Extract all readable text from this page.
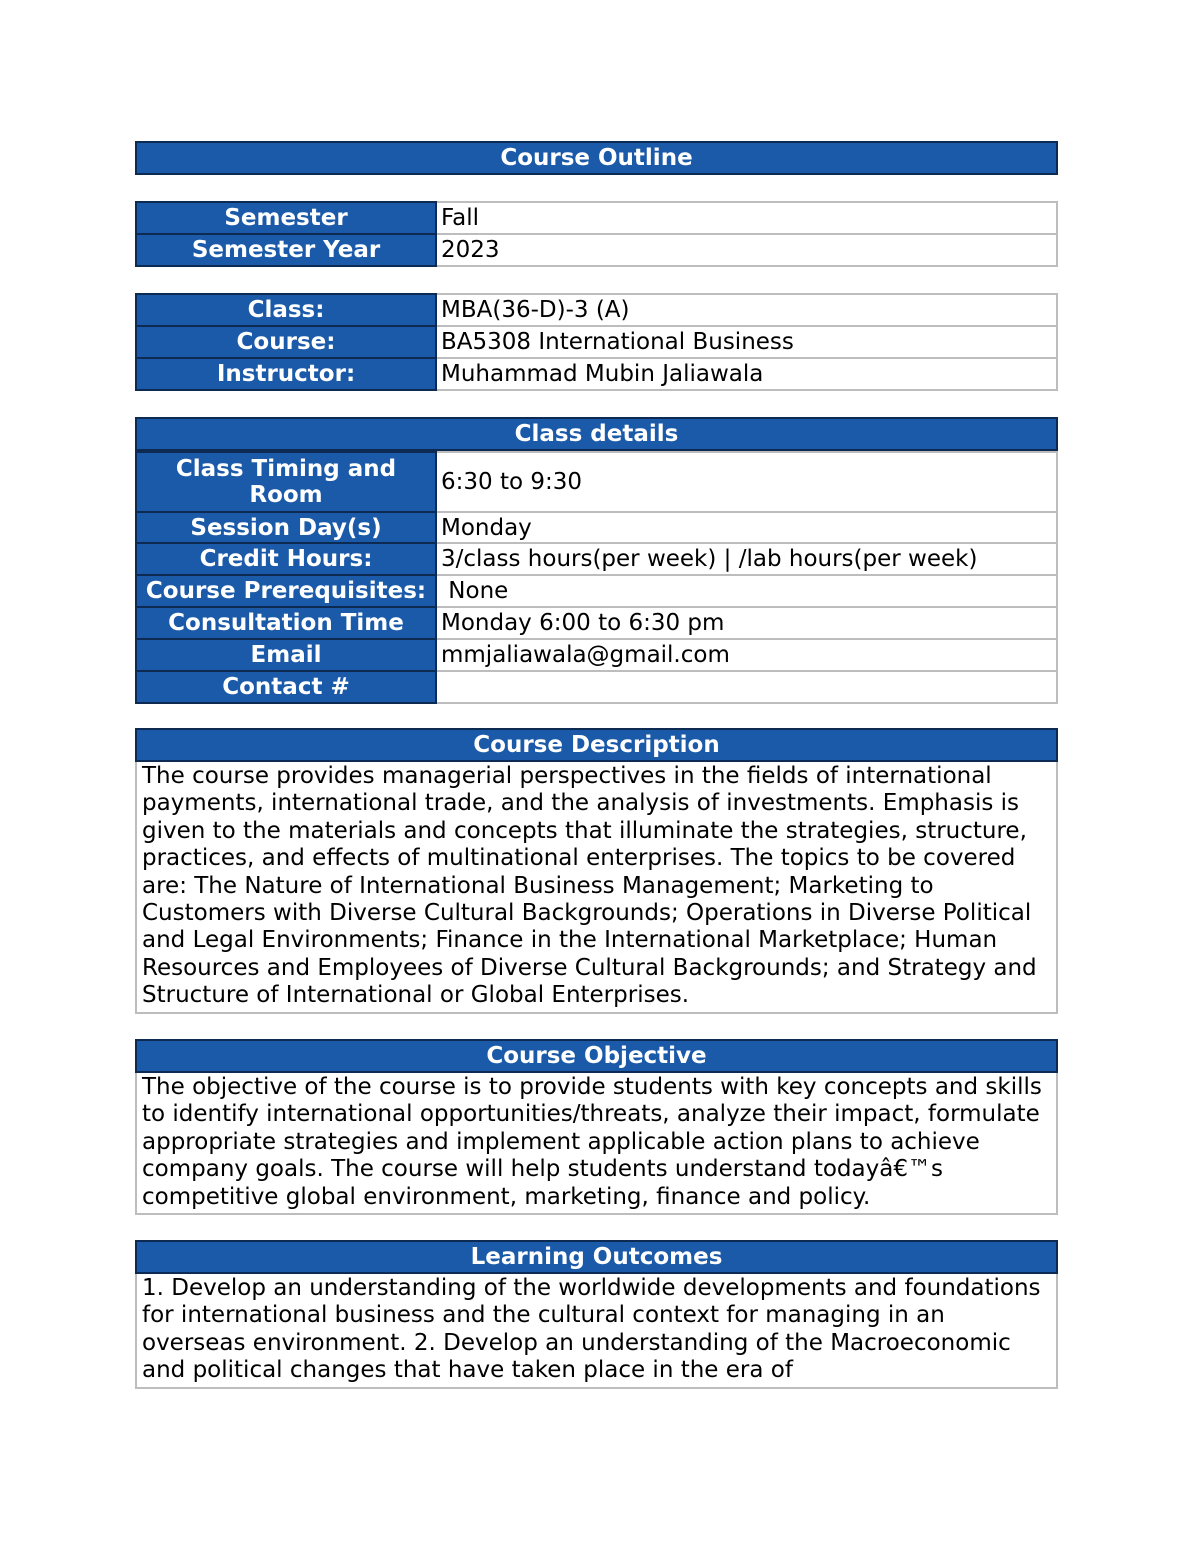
Course Outline
Semester	Fall
Semester Year	2023
Class:	MBA(36-D)-3 (A)
Course:	BA5308 International Business
Instructor:	Muhammad Mubin Jaliawala
Class details
Class Timing and Room	6:30 to 9:30
Session Day(s)	Monday
Credit Hours:	3/class hours(per week) | /lab hours(per week)
Course Prerequisites:	None
Consultation Time	Monday 6:00 to 6:30 pm
Email	mmjaliawala@gmail.com
Contact #	
Course Description
The course provides managerial perspectives in the fields of international payments, international trade, and the analysis of investments. Emphasis is given to the materials and concepts that illuminate the strategies, structure, practices, and effects of multinational enterprises. The topics to be covered are: The Nature of International Business Management; Marketing to Customers with Diverse Cultural Backgrounds; Operations in Diverse Political and Legal Environments; Finance in the International Marketplace; Human Resources and Employees of Diverse Cultural Backgrounds; and Strategy and Structure of International or Global Enterprises.
Course Objective
The objective of the course is to provide students with key concepts and skills to identify international opportunities/threats, analyze their impact, formulate appropriate strategies and implement applicable action plans to achieve company goals. The course will help students understand todayâ€™s competitive global environment, marketing, finance and policy.
Learning Outcomes
1. Develop an understanding of the worldwide developments and foundations for international business and the cultural context for managing in an overseas environment. 2. Develop an understanding of the Macroeconomic and political changes that have taken place in the era of
